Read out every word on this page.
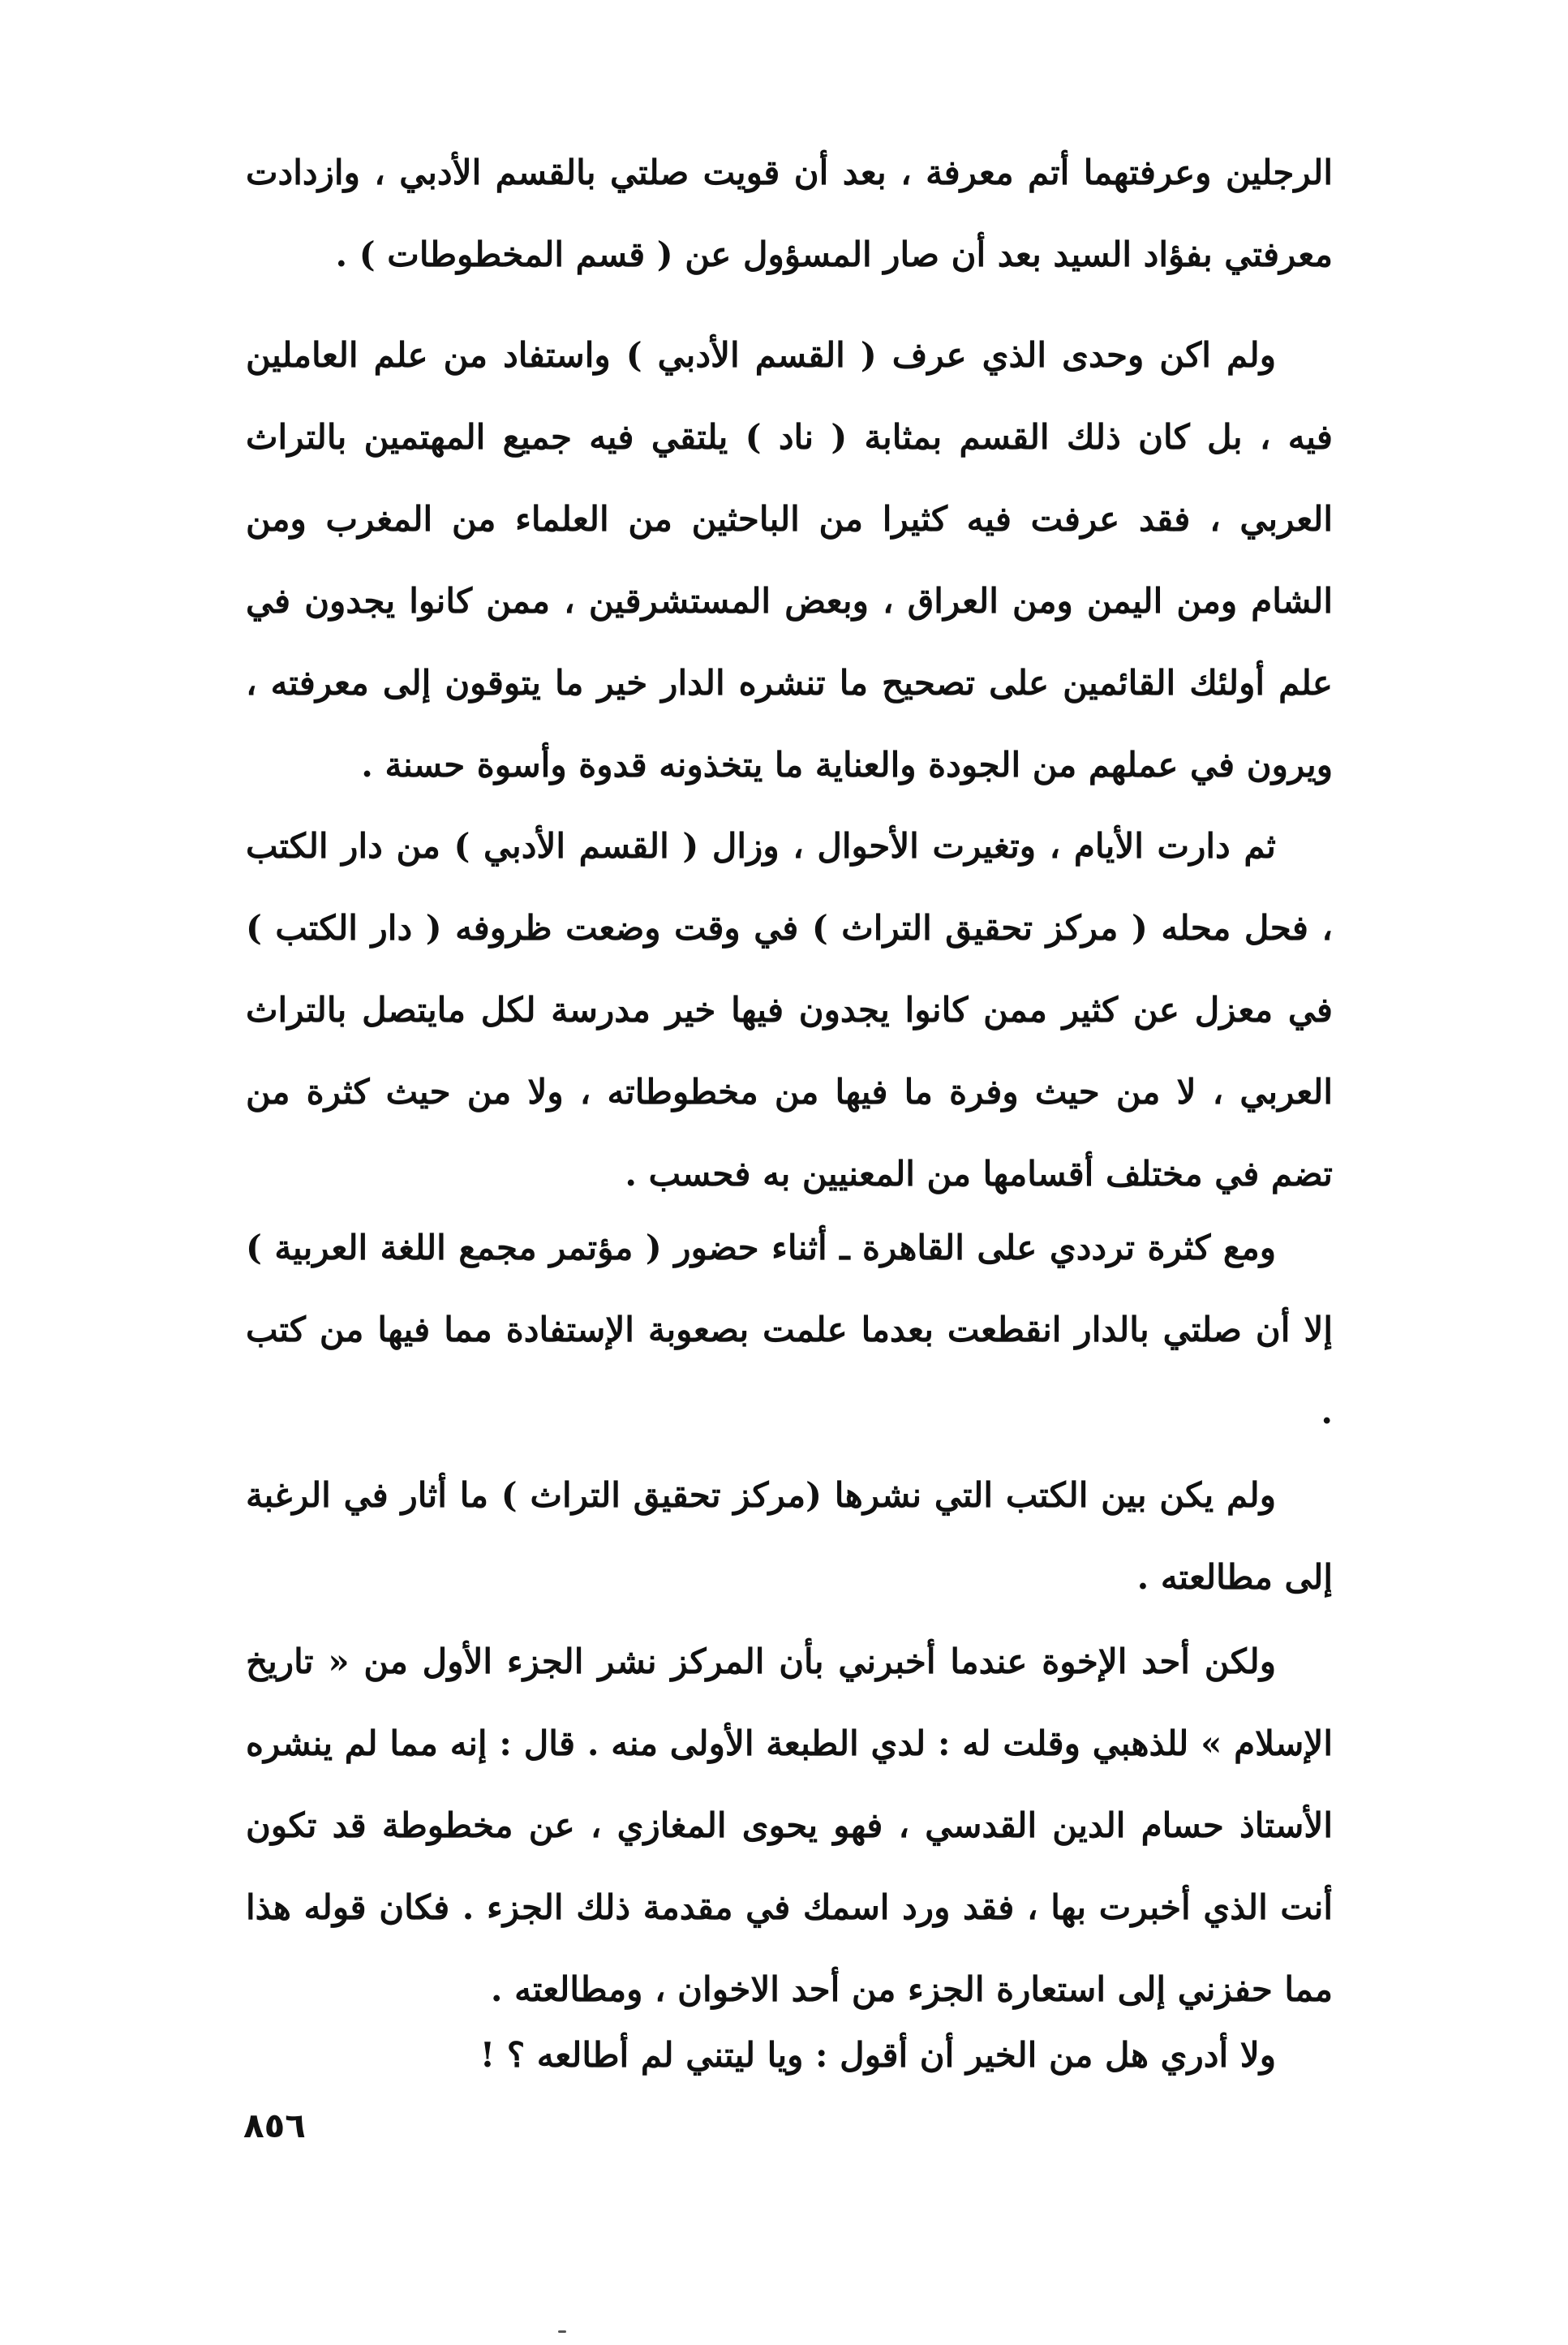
الرجلين وعرفتهما أتم معرفة ، بعد أن قويت صلتي بالقسم الأدبي ، وازدادت معرفتي بفؤاد السيد بعد أن صار المسؤول عن ( قسم المخطوطات ) .

ولم اكن وحدى الذي عرف ( القسم الأدبي ) واستفاد من علم العاملين فيه ، بل كان ذلك القسم بمثابة ( ناد ) يلتقي فيه جميع المهتمين بالتراث العربي ، فقد عرفت فيه كثيرا من الباحثين من العلماء من المغرب ومن الشام ومن اليمن ومن العراق ، وبعض المستشرقين ، ممن كانوا يجدون في علم أولئك القائمين على تصحيح ما تنشره الدار خير ما يتوقون إلى معرفته ، ويرون في عملهم من الجودة والعناية ما يتخذونه قدوة وأسوة حسنة .

ثم دارت الأيام ، وتغيرت الأحوال ، وزال ( القسم الأدبي ) من دار الكتب ، فحل محله ( مركز تحقيق التراث ) في وقت وضعت ظروفه ( دار الكتب ) في معزل عن كثير ممن كانوا يجدون فيها خير مدرسة لكل مايتصل بالتراث العربي ، لا من حيث وفرة ما فيها من مخطوطاته ، ولا من حيث كثرة من تضم في مختلف أقسامها من المعنيين به فحسب .

ومع كثرة ترددي على القاهرة ـ أثناء حضور ( مؤتمر مجمع اللغة العربية ) إلا أن صلتي بالدار انقطعت بعدما علمت بصعوبة الإستفادة مما فيها من كتب .

ولم يكن بين الكتب التي نشرها (مركز تحقيق التراث ) ما أثار في الرغبة إلى مطالعته .

ولكن أحد الإخوة عندما أخبرني بأن المركز نشر الجزء الأول من « تاريخ الإسلام » للذهبي وقلت له : لدي الطبعة الأولى منه . قال : إنه مما لم ينشره الأستاذ حسام الدين القدسي ، فهو يحوى المغازي ، عن مخطوطة قد تكون أنت الذي أخبرت بها ، فقد ورد اسمك في مقدمة ذلك الجزء . فكان قوله هذا مما حفزني إلى استعارة الجزء من أحد الاخوان ، ومطالعته .

ولا أدري هل من الخير أن أقول : ويا ليتني لم أطالعه ؟ !

٨٥٦
